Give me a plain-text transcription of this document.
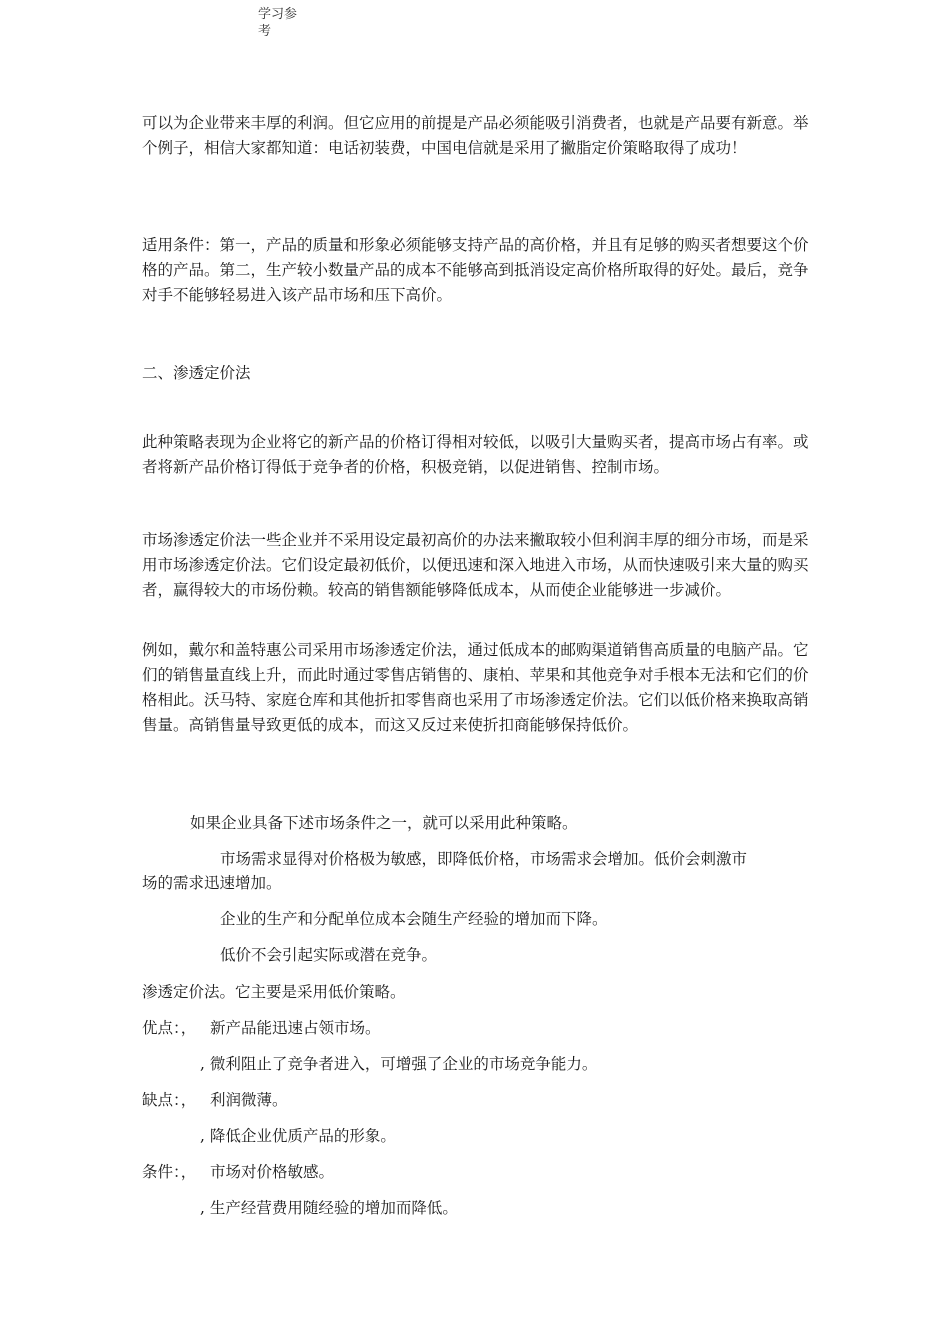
学习参考

可以为企业带来丰厚的利润。但它应用的前提是产品必须能吸引消费者，也就是产品要有新意。举个例子，相信大家都知道：电话初装费，中国电信就是采用了撇脂定价策略取得了成功！

适用条件：第一，产品的质量和形象必须能够支持产品的高价格，并且有足够的购买者想要这个价格的产品。第二，生产较小数量产品的成本不能够高到抵消设定高价格所取得的好处。最后，竞争对手不能够轻易进入该产品市场和压下高价。

二、渗透定价法

此种策略表现为企业将它的新产品的价格订得相对较低，以吸引大量购买者，提高市场占有率。或者将新产品价格订得低于竞争者的价格，积极竞销，以促进销售、控制市场。

市场渗透定价法一些企业并不采用设定最初高价的办法来撇取较小但利润丰厚的细分市场，而是采用市场渗透定价法。它们设定最初低价，以便迅速和深入地进入市场，从而快速吸引来大量的购买者，赢得较大的市场份赖。较高的销售额能够降低成本，从而使企业能够进一步减价。

例如，戴尔和盖特惠公司采用市场渗透定价法，通过低成本的邮购渠道销售高质量的电脑产品。它们的销售量直线上升，而此时通过零售店销售的、康柏、苹果和其他竞争对手根本无法和它们的价格相此。沃马特、家庭仓库和其他折扣零售商也采用了市场渗透定价法。它们以低价格来换取高销售量。高销售量导致更低的成本，而这又反过来使折扣商能够保持低价。

如果企业具备下述市场条件之一，就可以采用此种策略。

市场需求显得对价格极为敏感，即降低价格，市场需求会增加。低价会刺激市

场的需求迅速增加。

企业的生产和分配单位成本会随生产经验的增加而下降。

低价不会引起实际或潜在竞争。

渗透定价法。它主要是采用低价策略。

优点：， 新产品能迅速占领市场。

, 微利阻止了竞争者进入，可增强了企业的市场竞争能力。

缺点：， 利润微薄。

, 降低企业优质产品的形象。

条件：， 市场对价格敏感。

, 生产经营费用随经验的增加而降低。
